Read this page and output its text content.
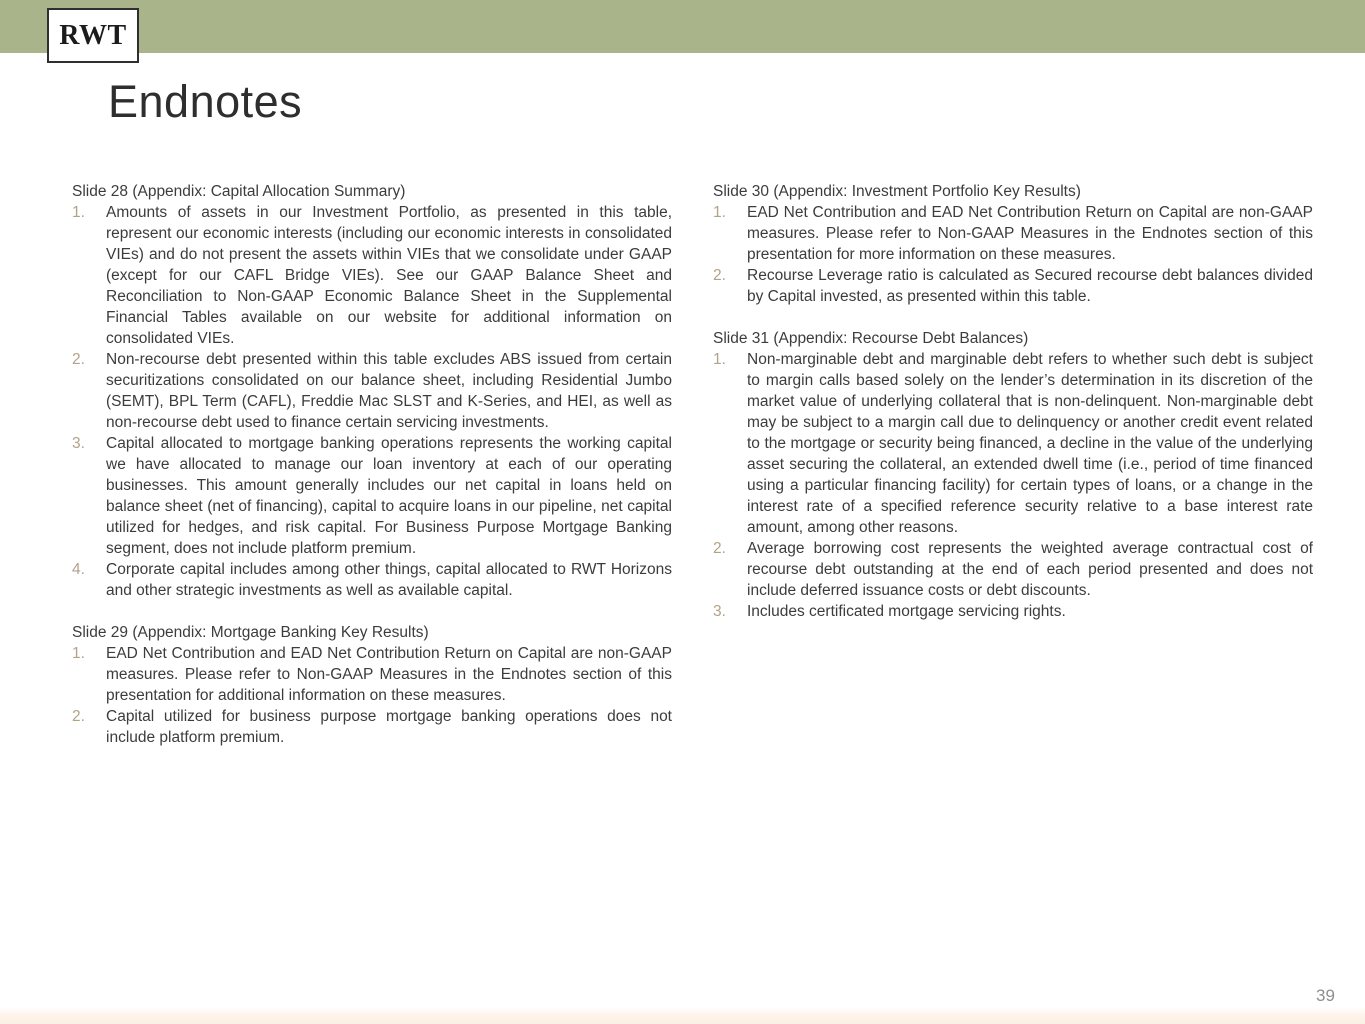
RWT
Endnotes
Slide 28 (Appendix: Capital Allocation Summary)
1.	Amounts of assets in our Investment Portfolio, as presented in this table, represent our economic interests (including our economic interests in consolidated VIEs) and do not present the assets within VIEs that we consolidate under GAAP (except for our CAFL Bridge VIEs). See our GAAP Balance Sheet and Reconciliation to Non-GAAP Economic Balance Sheet in the Supplemental Financial Tables available on our website for additional information on consolidated VIEs.
2.	Non-recourse debt presented within this table excludes ABS issued from certain securitizations consolidated on our balance sheet, including Residential Jumbo (SEMT), BPL Term (CAFL), Freddie Mac SLST and K-Series, and HEI, as well as non-recourse debt used to finance certain servicing investments.
3.	Capital allocated to mortgage banking operations represents the working capital we have allocated to manage our loan inventory at each of our operating businesses. This amount generally includes our net capital in loans held on balance sheet (net of financing), capital to acquire loans in our pipeline, net capital utilized for hedges, and risk capital. For Business Purpose Mortgage Banking segment, does not include platform premium.
4.	Corporate capital includes among other things, capital allocated to RWT Horizons and other strategic investments as well as available capital.
Slide 29 (Appendix: Mortgage Banking Key Results)
1.	EAD Net Contribution and EAD Net Contribution Return on Capital are non-GAAP measures. Please refer to Non-GAAP Measures in the Endnotes section of this presentation for additional information on these measures.
2.	Capital utilized for business purpose mortgage banking operations does not include platform premium.
Slide 30 (Appendix: Investment Portfolio Key Results)
1.	EAD Net Contribution and EAD Net Contribution Return on Capital are non-GAAP measures. Please refer to Non-GAAP Measures in the Endnotes section of this presentation for more information on these measures.
2.	Recourse Leverage ratio is calculated as Secured recourse debt balances divided by Capital invested, as presented within this table.
Slide 31 (Appendix: Recourse Debt Balances)
1.	Non-marginable debt and marginable debt refers to whether such debt is subject to margin calls based solely on the lender’s determination in its discretion of the market value of underlying collateral that is non-delinquent. Non-marginable debt may be subject to a margin call due to delinquency or another credit event related to the mortgage or security being financed, a decline in the value of the underlying asset securing the collateral, an extended dwell time (i.e., period of time financed using a particular financing facility) for certain types of loans, or a change in the interest rate of a specified reference security relative to a base interest rate amount, among other reasons.
2.	Average borrowing cost represents the weighted average contractual cost of recourse debt outstanding at the end of each period presented and does not include deferred issuance costs or debt discounts.
3.	Includes certificated mortgage servicing rights.
39
